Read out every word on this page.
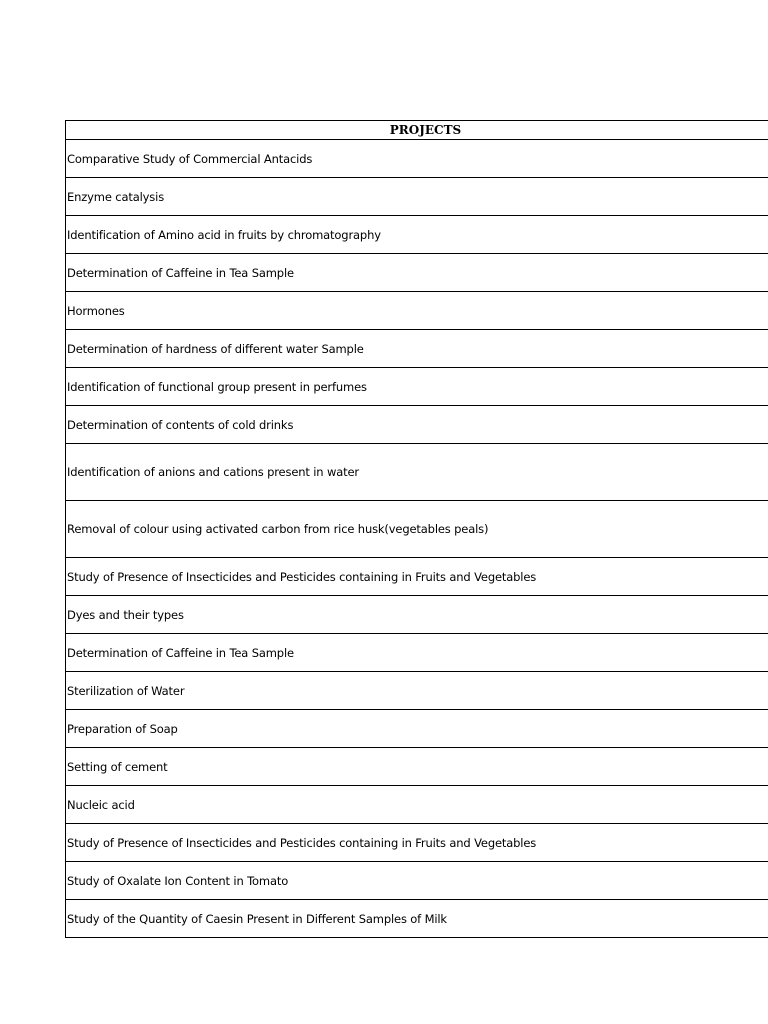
PROJECTS
Comparative Study of Commercial Antacids
Enzyme catalysis
Identification of Amino acid in fruits by chromatography
Determination of Caffeine in Tea Sample
Hormones
Determination of hardness of different water Sample
Identification of functional group present in perfumes
Determination of contents of cold drinks
Identification of anions and cations present in water
Removal of colour using activated carbon from rice husk(vegetables peals)
Study of Presence of Insecticides and Pesticides containing in Fruits and Vegetables
Dyes and their types
Determination of Caffeine in Tea Sample
Sterilization of Water
Preparation of Soap
Setting of cement
Nucleic acid
Study of Presence of Insecticides and Pesticides containing in Fruits and Vegetables
Study of Oxalate Ion Content in Tomato
Study of the Quantity of Caesin Present in Different Samples of Milk
